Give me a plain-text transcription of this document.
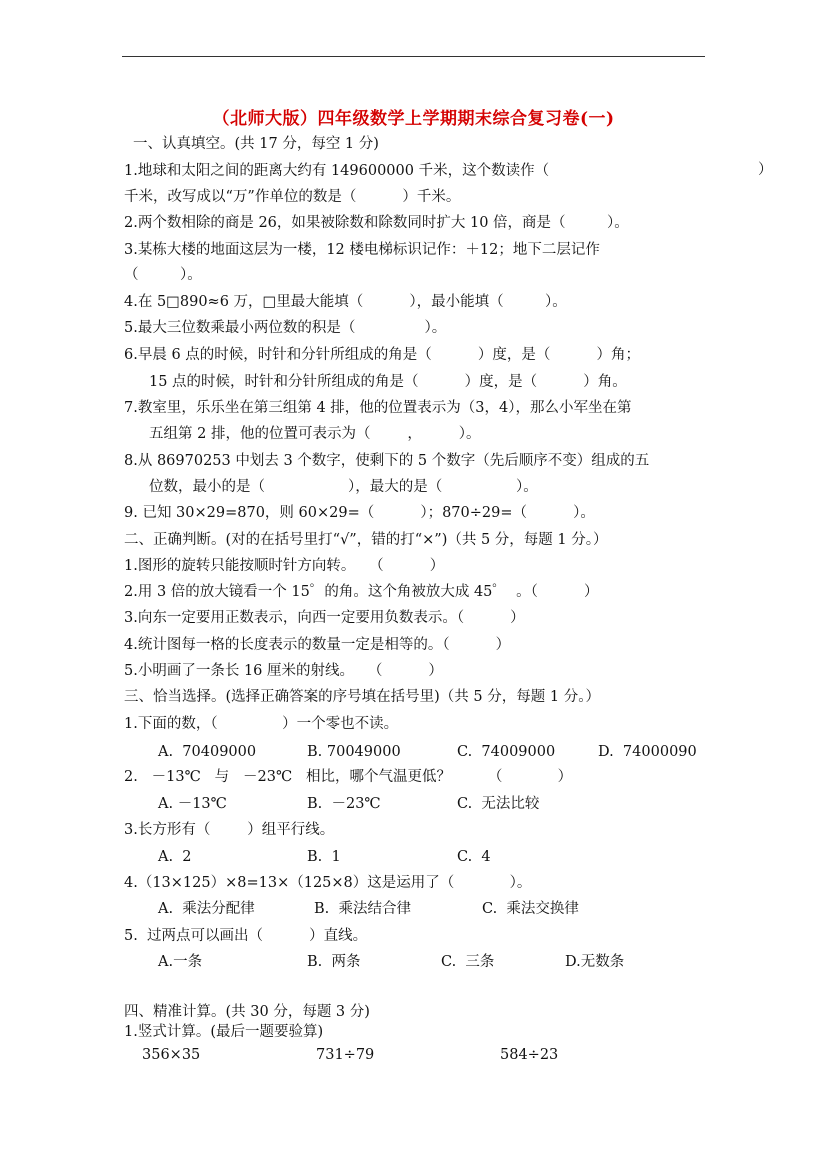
（北师大版）四年级数学上学期期末综合复习卷(一)
一、认真填空。(共 17 分，每空 1 分)
1.地球和太阳之间的距离大约有 149600000 千米，这个数读作（	）
千米，改写成以“万”作单位的数是（          ）千米。
2.两个数相除的商是 26，如果被除数和除数同时扩大 10 倍，商是（         ）。
3.某栋大楼的地面这层为一楼，12 楼电梯标识记作：＋12；地下二层记作
（         ）。
4.在 5□890≈6 万，□里最大能填（          ），最小能填（         ）。
5.最大三位数乘最小两位数的积是（               ）。
6.早晨 6 点的时候，时针和分针所组成的角是（          ）度，是（          ）角；
15 点的时候，时针和分针所组成的角是（          ）度，是（          ）角。
7.教室里，乐乐坐在第三组第 4 排，他的位置表示为（3，4），那么小军坐在第
五组第 2 排，他的位置可表示为（        ，        ）。
8.从 86970253 中划去 3 个数字，使剩下的 5 个数字（先后顺序不变）组成的五
位数，最小的是（                  ），最大的是（                ）。
9. 已知 30×29=870，则 60×29=（          ）；870÷29=（          ）。
二、正确判断。(对的在括号里打“√”，错的打“×”)（共 5 分，每题 1 分。）
1.图形的旋转只能按顺时针方向转。   （          ）
2.用 3 倍的放大镜看一个 15゜的角。这个角被放大成 45゜  。（          ）
3.向东一定要用正数表示，向西一定要用负数表示。（          ）
4.统计图每一格的长度表示的数量一定是相等的。（          ）
5.小明画了一条长 16 厘米的射线。   （          ）
三、恰当选择。(选择正确答案的序号填在括号里)（共 5 分，每题 1 分。）
1.下面的数，（              ）一个零也不读。
A.  70409000	B. 70049000	C.  74009000	D.  74000090
2.   －13℃   与   －23℃   相比，哪个气温更低？        （            ）
A. －13℃	B.  －23℃	C.  无法比较
3.长方形有（        ）组平行线。
A.  2	B.  1	C.  4
4.（13×125）×8=13×（125×8）这是运用了（            ）。
A.  乘法分配律	B.  乘法结合律	C.  乘法交换律
5.  过两点可以画出（          ）直线。
A.一条	B.  两条	C.  三条	D.无数条
四、精准计算。(共 30 分，每题 3 分)
1.竖式计算。(最后一题要验算)
356×35	731÷79	584÷23
